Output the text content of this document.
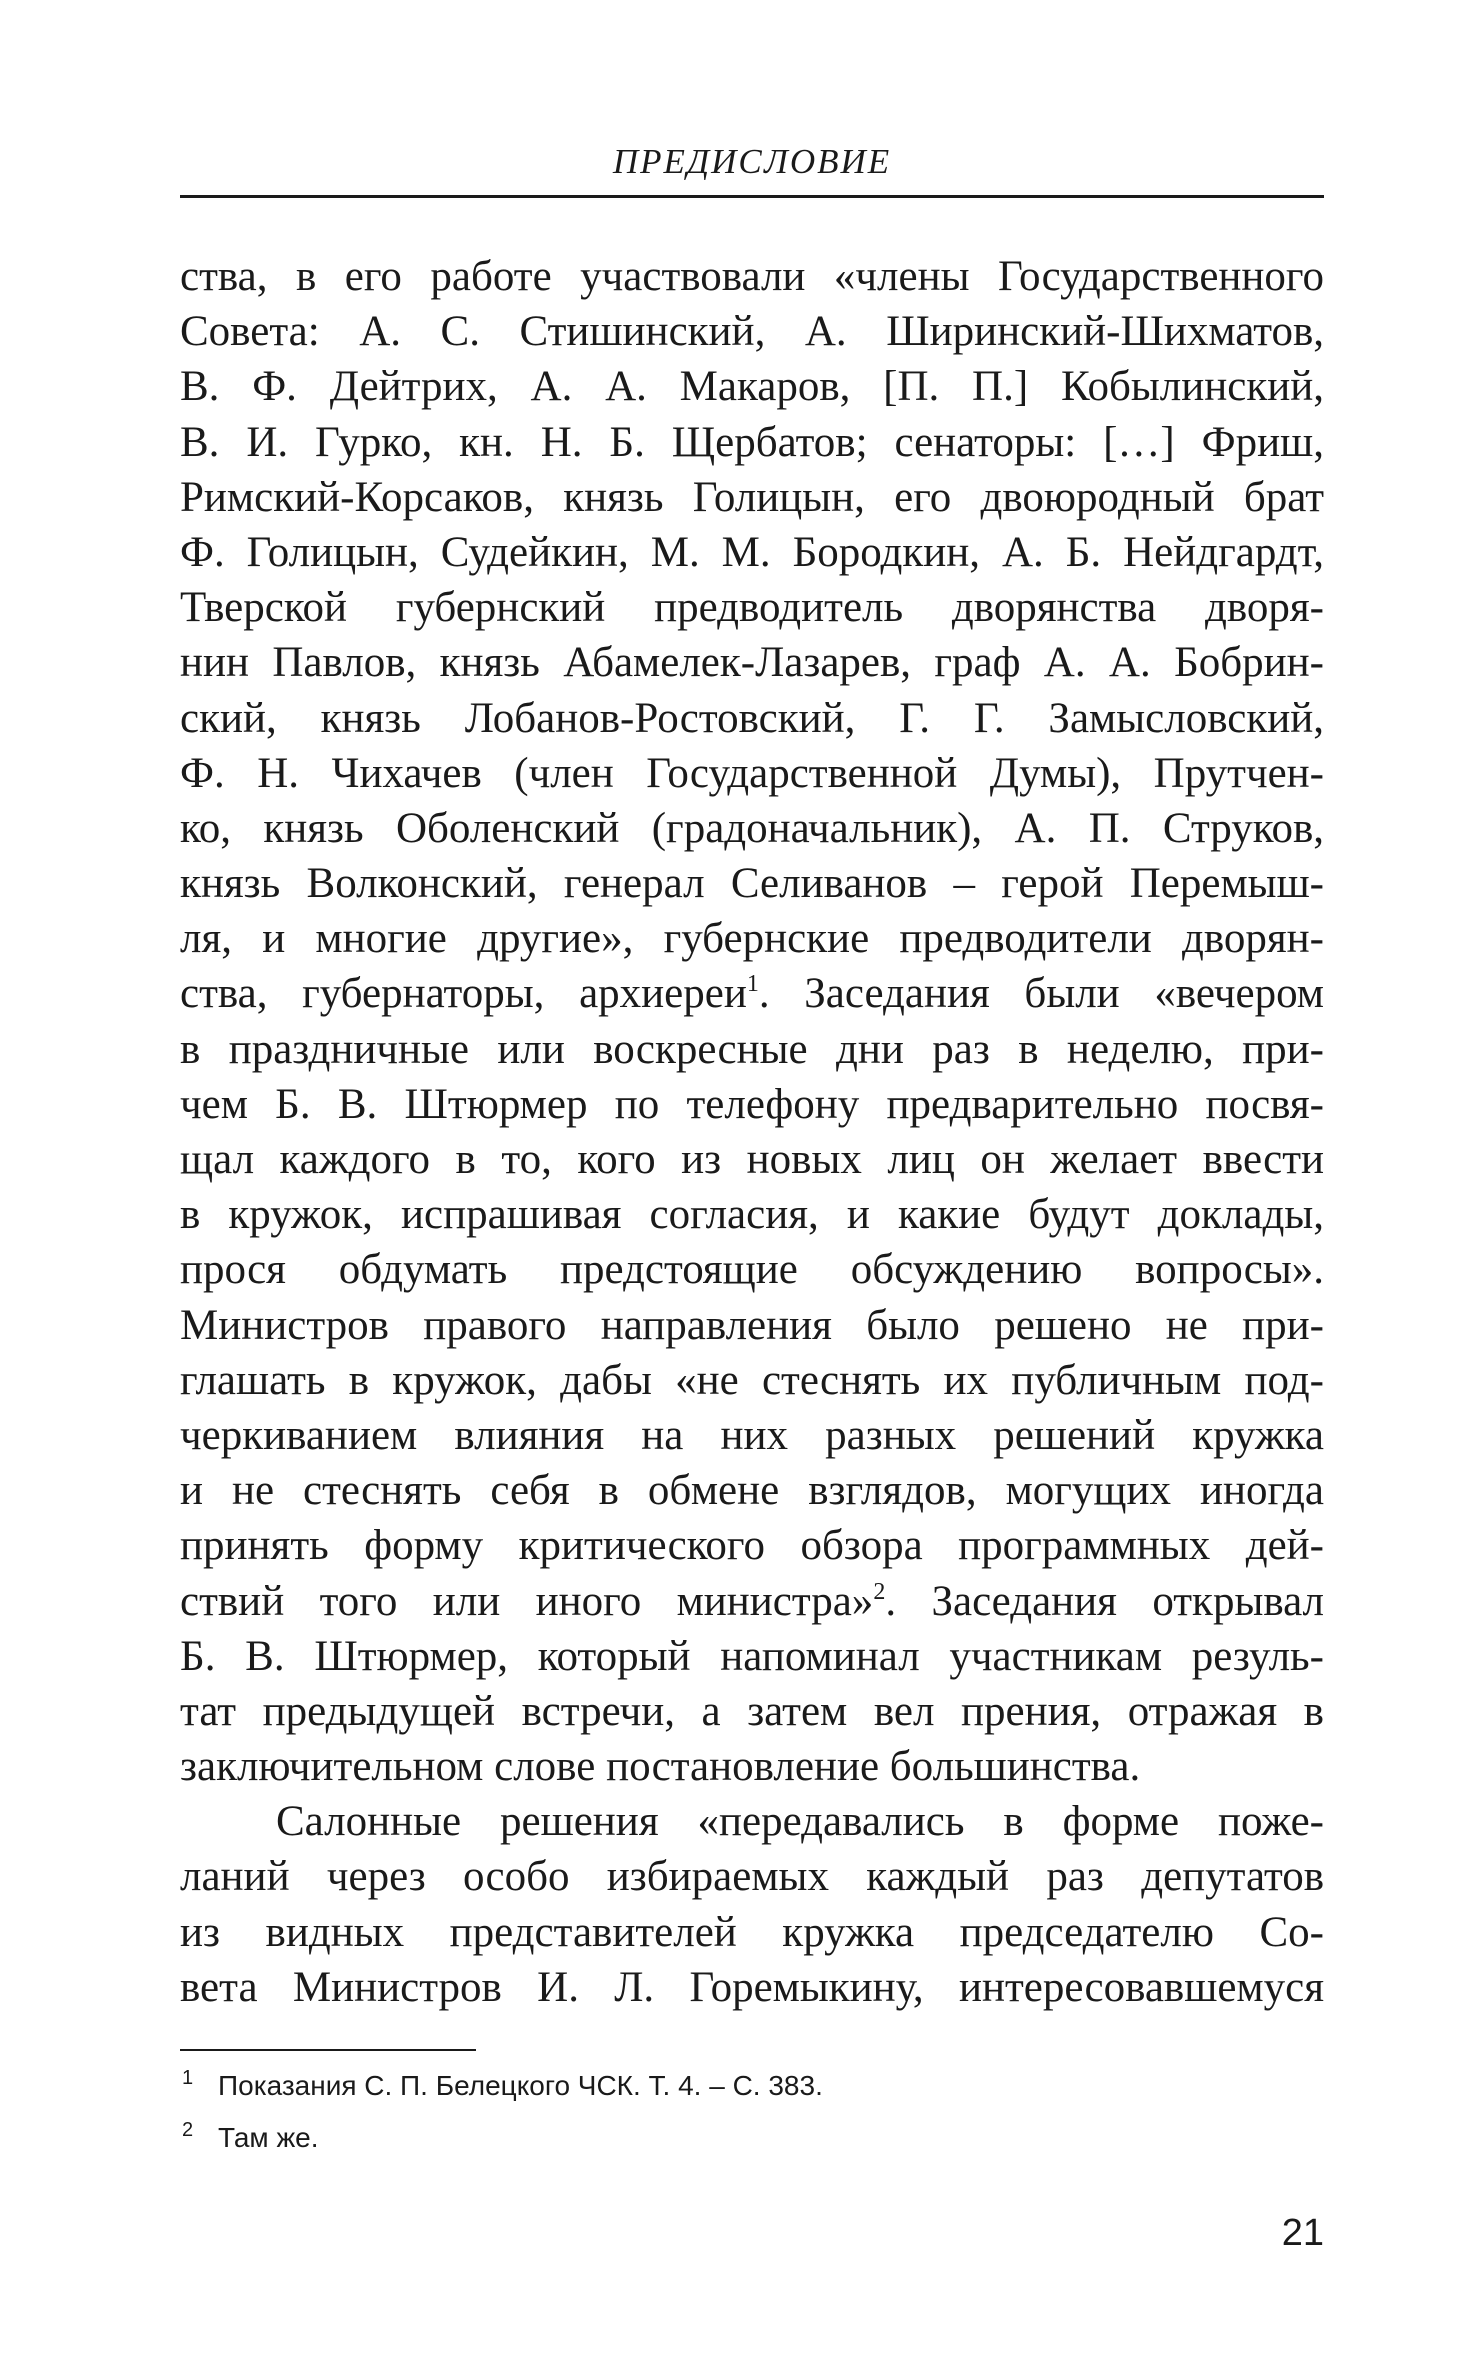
ПРЕДИСЛОВИЕ
ства, в его работе участвовали «члены Государственного
Совета: А. С. Стишинский, А. Ширинский-Шихматов,
В. Ф. Дейтрих, А. А. Макаров, [П. П.] Кобылинский,
В. И. Гурко, кн. Н. Б. Щербатов; сенаторы: […] Фриш,
Римский-Корсаков, князь Голицын, его двоюродный брат
Ф. Голицын, Судейкин, М. М. Бородкин, А. Б. Нейдгардт,
Тверской губернский предводитель дворянства дворя-
нин Павлов, князь Абамелек-Лазарев, граф А. А. Бобрин-
ский, князь Лобанов-Ростовский, Г. Г. Замысловский,
Ф. Н. Чихачев (член Государственной Думы), Прутчен-
ко, князь Оболенский (градоначальник), А. П. Струков,
князь Волконский, генерал Селиванов – герой Перемыш-
ля, и многие другие», губернские предводители дворян-
ства, губернаторы, архиереи$^1$. Заседания были «вечером
в праздничные или воскресные дни раз в неделю, при-
чем Б. В. Штюрмер по телефону предварительно посвя-
щал каждого в то, кого из новых лиц он желает ввести
в кружок, испрашивая согласия, и какие будут доклады,
прося обдумать предстоящие обсуждению вопросы».
Министров правого направления было решено не при-
глашать в кружок, дабы «не стеснять их публичным под-
черкиванием влияния на них разных решений кружка
и не стеснять себя в обмене взглядов, могущих иногда
принять форму критического обзора программных дей-
ствий того или иного министра»$^2$. Заседания открывал
Б. В. Штюрмер, который напоминал участникам резуль-
тат предыдущей встречи, а затем вел прения, отражая в
заключительном слове постановление большинства.
Салонные решения «передавались в форме поже-
ланий через особо избираемых каждый раз депутатов
из видных представителей кружка председателю Со-
вета Министров И. Л. Горемыкину, интересовавшемуся
1 Показания С. П. Белецкого ЧСК. Т. 4. – С. 383.
2 Там же.
21
